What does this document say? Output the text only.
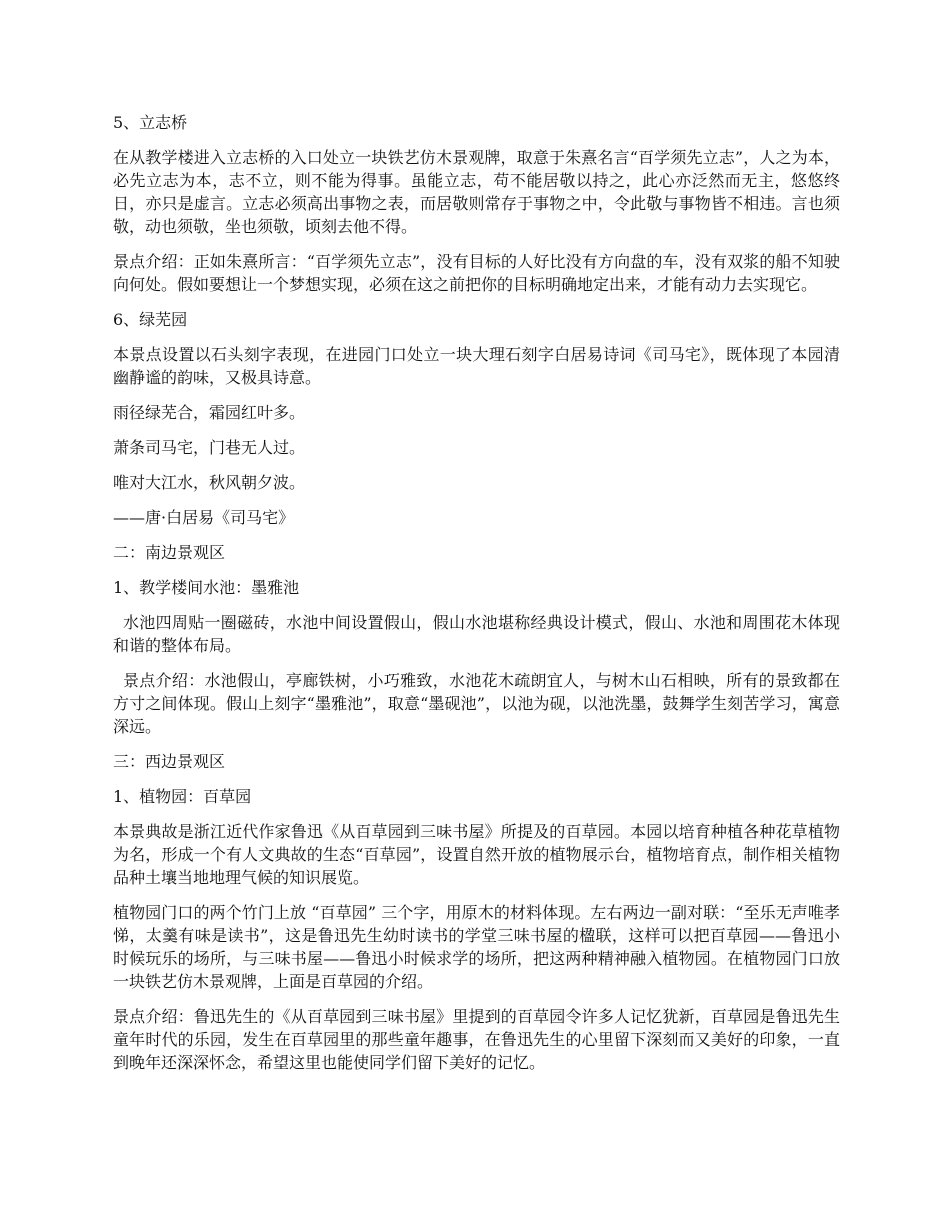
5、立志桥

在从教学楼进入立志桥的入口处立一块铁艺仿木景观牌，取意于朱熹名言“百学须先立志”，人之为本，必先立志为本，志不立，则不能为得事。虽能立志，苟不能居敬以持之，此心亦泛然而无主，悠悠终日，亦只是虚言。立志必须高出事物之表，而居敬则常存于事物之中，令此敬与事物皆不相违。言也须敬，动也须敬，坐也须敬，顷刻去他不得。

景点介绍：正如朱熹所言：“百学须先立志”，没有目标的人好比没有方向盘的车，没有双浆的船不知驶向何处。假如要想让一个梦想实现，必须在这之前把你的目标明确地定出来，才能有动力去实现它。

6、绿芜园

本景点设置以石头刻字表现，在进园门口处立一块大理石刻字白居易诗词《司马宅》，既体现了本园清幽静谧的韵味，又极具诗意。

雨径绿芜合，霜园红叶多。

萧条司马宅，门巷无人过。

唯对大江水，秋风朝夕波。

——唐·白居易《司马宅》

二：南边景观区

1、教学楼间水池：墨雅池

水池四周贴一圈磁砖，水池中间设置假山，假山水池堪称经典设计模式，假山、水池和周围花木体现和谐的整体布局。

景点介绍：水池假山，亭廊铁树，小巧雅致，水池花木疏朗宜人，与树木山石相映，所有的景致都在方寸之间体现。假山上刻字“墨雅池”，取意“墨砚池”，以池为砚，以池洗墨，鼓舞学生刻苦学习，寓意深远。

三：西边景观区

1、植物园：百草园

本景典故是浙江近代作家鲁迅《从百草园到三味书屋》所提及的百草园。本园以培育种植各种花草植物为名，形成一个有人文典故的生态“百草园”，设置自然开放的植物展示台，植物培育点，制作相关植物品种土壤当地地理气候的知识展览。

植物园门口的两个竹门上放 “百草园” 三个字，用原木的材料体现。左右两边一副对联：“至乐无声唯孝悌，太羹有味是读书”，这是鲁迅先生幼时读书的学堂三味书屋的楹联，这样可以把百草园——鲁迅小时候玩乐的场所，与三味书屋——鲁迅小时候求学的场所，把这两种精神融入植物园。在植物园门口放一块铁艺仿木景观牌，上面是百草园的介绍。

景点介绍：鲁迅先生的《从百草园到三味书屋》里提到的百草园令许多人记忆犹新，百草园是鲁迅先生童年时代的乐园，发生在百草园里的那些童年趣事，在鲁迅先生的心里留下深刻而又美好的印象，一直到晚年还深深怀念，希望这里也能使同学们留下美好的记忆。
